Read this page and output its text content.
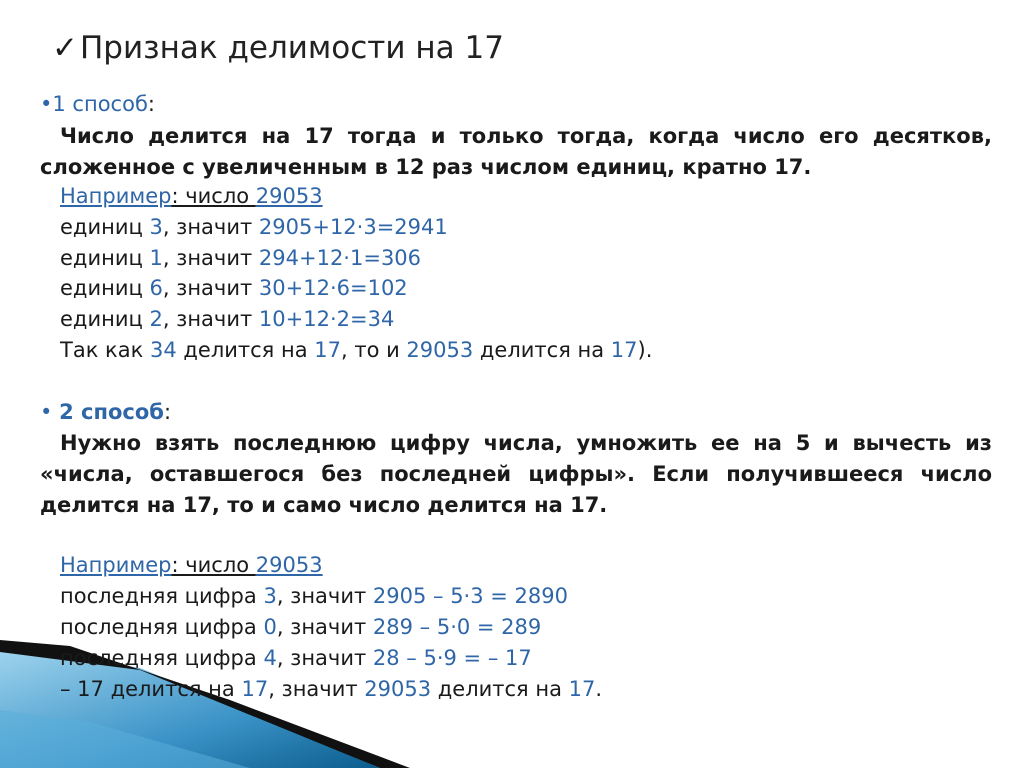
✓Признак делимости на 17
•1 способ:
Число делится на 17 тогда и только тогда, когда число его десятков, сложенное с увеличенным в 12 раз числом единиц, кратно 17.
Например: число 29053
единиц 3, значит 2905+12·3=2941
единиц 1, значит 294+12·1=306
единиц 6, значит 30+12·6=102
единиц 2, значит 10+12·2=34
Так как 34 делится на 17, то и 29053 делится на 17).
• 2 способ:
Нужно взять последнюю цифру числа, умножить ее на 5 и вычесть из «числа, оставшегося без последней цифры». Если получившееся число делится на 17, то и само число делится на 17.
Например: число 29053
последняя цифра 3, значит 2905 – 5·3 = 2890
последняя цифра 0, значит 289 – 5·0 = 289
последняя цифра 4, значит 28 – 5·9 = – 17
– 17 делится на 17, значит 29053 делится на 17.
